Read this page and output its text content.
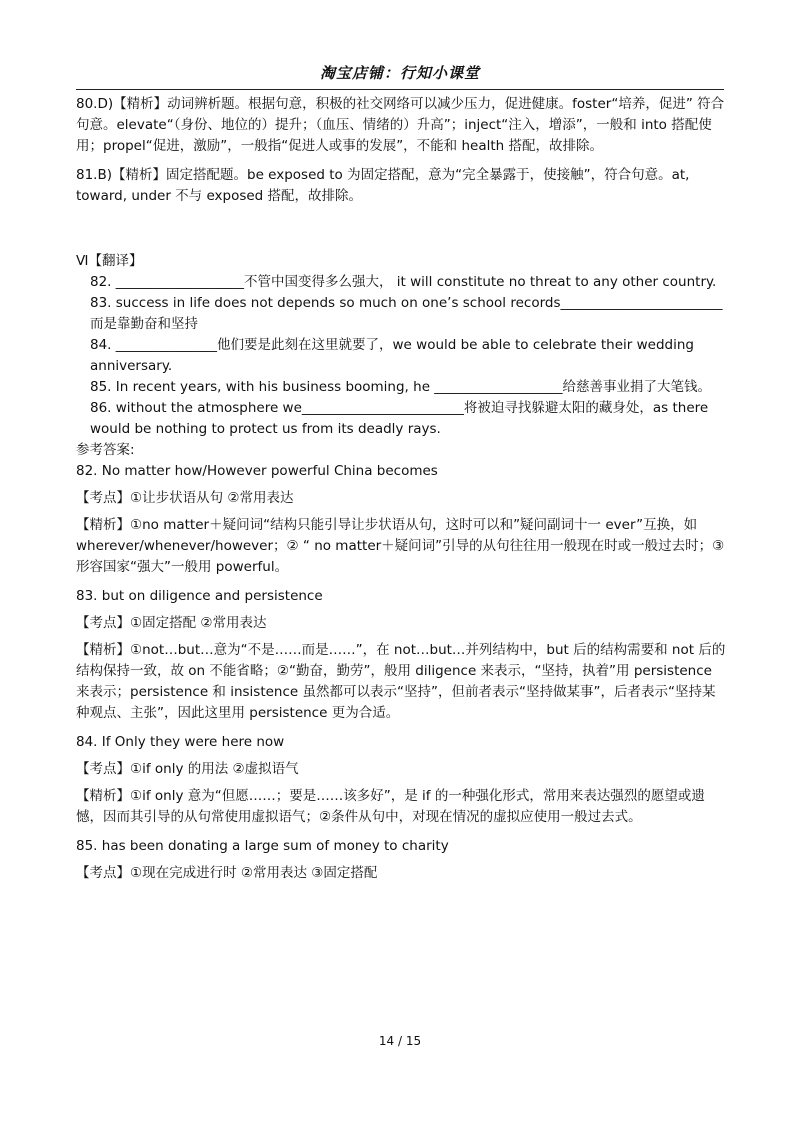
淘宝店铺：行知小课堂

80.D)【精析】动词辨析题。根据句意，积极的社交网络可以减少压力，促进健康。foster“培养，促进” 符合句意。elevate“（身份、地位的）提升；（血压、情绪的）升高”；inject“注入，增添”，一般和 into 搭配使用；propel“促进，激励”，一般指“促进人或事的发展”，不能和 health 搭配，故排除。

81.B)【精析】固定搭配题。be exposed to 为固定搭配，意为“完全暴露于，使接触”，符合句意。at, toward, under 不与 exposed 搭配，故排除。

Ⅵ【翻译】

82. ___________________不管中国变得多么强大， it will constitute no threat to any other country.

83. success in life does not depends so much on one’s school records________________________而是靠勤奋和坚持

84. _______________他们要是此刻在这里就要了，we would be able to celebrate their wedding anniversary.

85. In recent years, with his business booming, he ___________________给慈善事业捐了大笔钱。

86. without the atmosphere we________________________将被迫寻找躲避太阳的藏身处，as there would be nothing to protect us from its deadly rays.

参考答案:

82. No matter how/However powerful China becomes

【考点】①让步状语从句 ②常用表达

【精析】①no matter＋疑问词“结构只能引导让步状语从句，这时可以和”疑问副词十一 ever”互换，如 wherever/whenever/however；② “ no matter＋疑问词”引导的从句往往用一般现在时或一般过去时；③形容国家“强大”一般用 powerful。

83. but on diligence and persistence

【考点】①固定搭配 ②常用表达

【精析】①not…but…意为“不是……而是……”，在 not…but…并列结构中，but 后的结构需要和 not 后的结构保持一致，故 on 不能省略；②“勤奋，勤劳”，般用 diligence 来表示，“坚持，执着”用 persistence 来表示；persistence 和 insistence 虽然都可以表示“坚持”，但前者表示“坚持做某事”，后者表示“坚持某种观点、主张”，因此这里用 persistence 更为合适。

84. If Only they were here now

【考点】①if only 的用法 ②虚拟语气

【精析】①if only 意为“但愿……；要是……该多好”，是 if 的一种强化形式，常用来表达强烈的愿望或遗憾，因而其引导的从句常使用虚拟语气；②条件从句中，对现在情况的虚拟应使用一般过去式。

85. has been donating a large sum of money to charity

【考点】①现在完成进行时 ②常用表达 ③固定搭配

14 / 15
